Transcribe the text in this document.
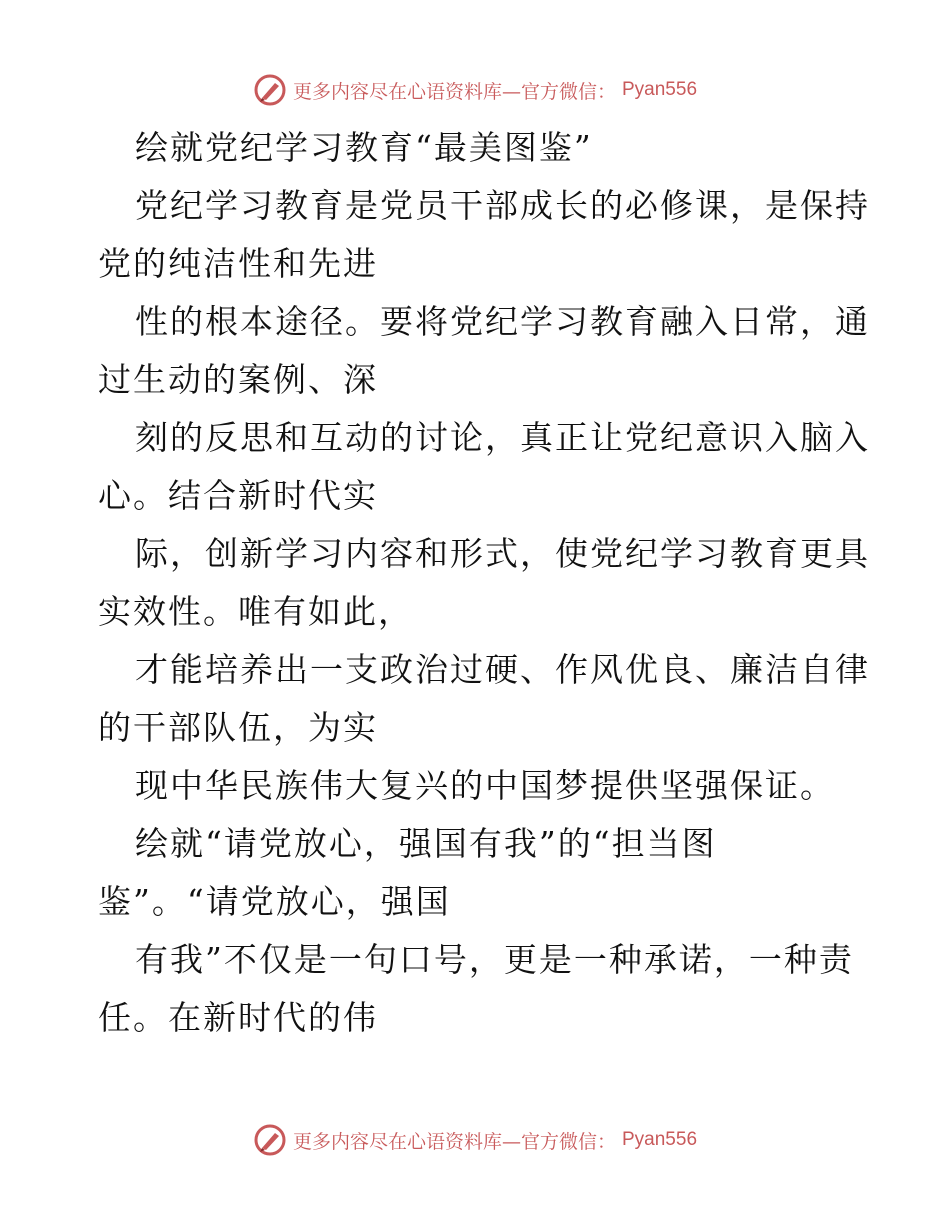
更多内容尽在心语资料库—官方微信： Pyan556
绘就党纪学习教育“最美图鉴”
党纪学习教育是党员干部成长的必修课，是保持
党的纯洁性和先进
性的根本途径。要将党纪学习教育融入日常，通
过生动的案例、深
刻的反思和互动的讨论，真正让党纪意识入脑入
心。结合新时代实
际，创新学习内容和形式，使党纪学习教育更具
实效性。唯有如此，
才能培养出一支政治过硬、作风优良、廉洁自律
的干部队伍，为实
现中华民族伟大复兴的中国梦提供坚强保证。
绘就“请党放心，强国有我”的“担当图
鉴”。“请党放心，强国
有我”不仅是一句口号，更是一种承诺，一种责
任。在新时代的伟
更多内容尽在心语资料库—官方微信： Pyan556
